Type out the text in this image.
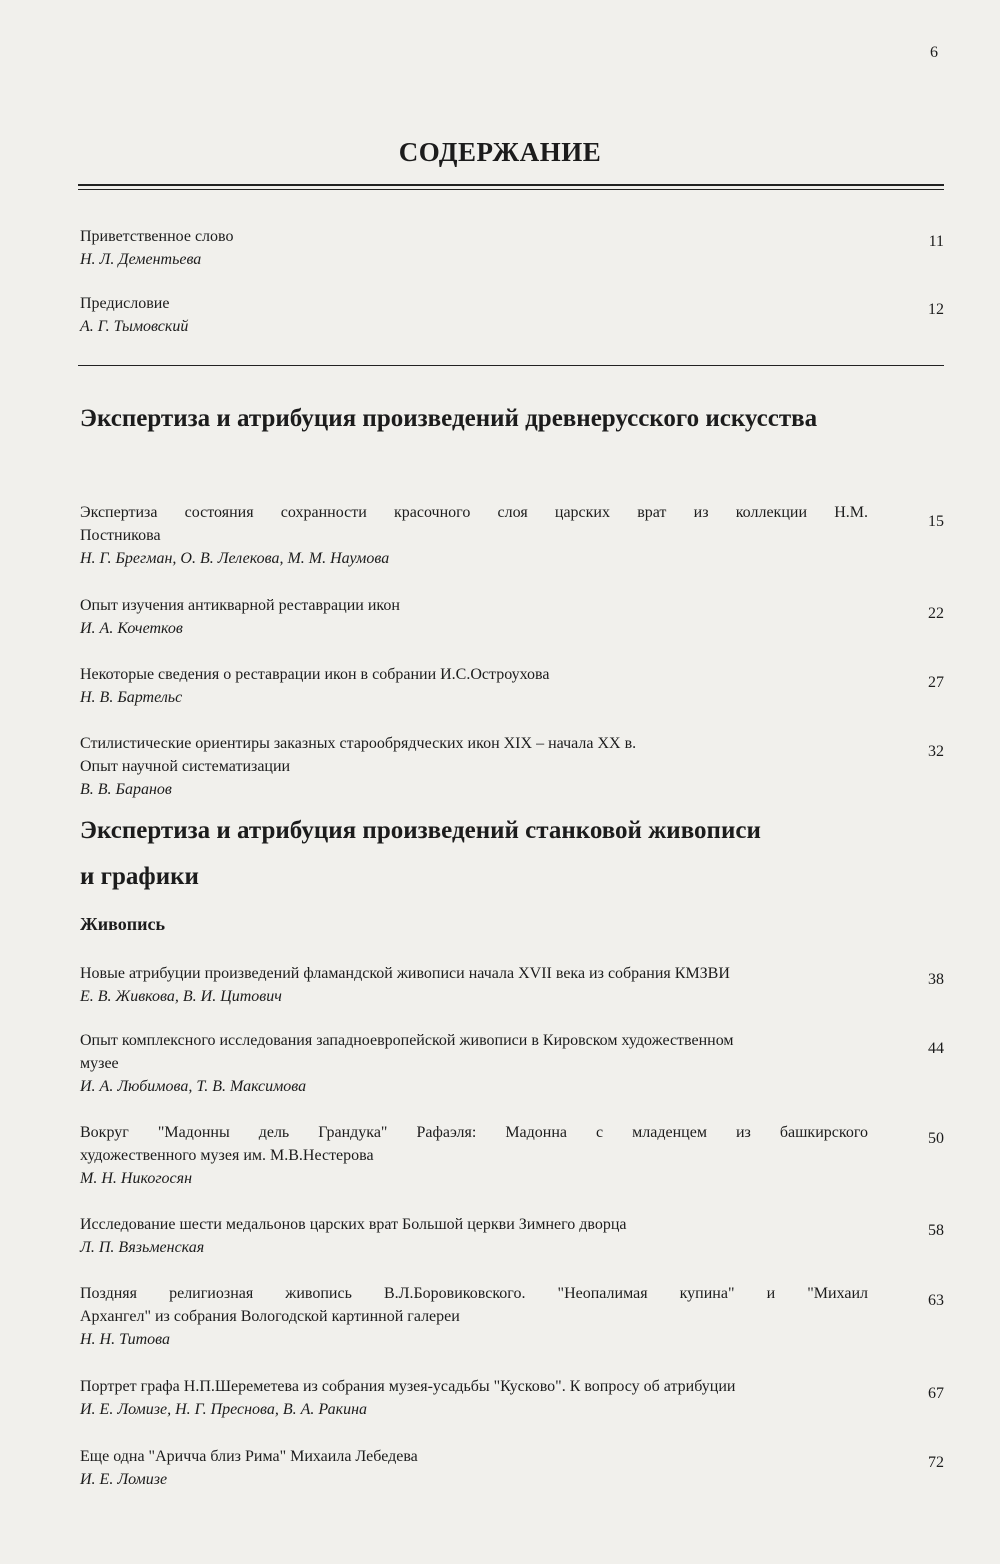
6
СОДЕРЖАНИЕ
Приветственное слово
Н. Л. Дементьева
11
Предисловие
А. Г. Тымовский
12
Экспертиза и атрибуция произведений древнерусского искусства
Экспертиза состояния сохранности красочного слоя царских врат из коллекции Н.М.
Постникова
Н. Г. Брегман, О. В. Лелекова, М. М. Наумова
15
Опыт изучения антикварной реставрации икон
И. А. Кочетков
22
Некоторые сведения о реставрации икон в собрании И.С.Остроухова
Н. В. Бартельс
27
Стилистические ориентиры заказных старообрядческих икон XIX – начала XX в.
Опыт научной систематизации
В. В. Баранов
32
Экспертиза и атрибуция произведений станковой живописи и графики
Живопись
Новые атрибуции произведений фламандской живописи начала XVII века из собрания КМЗВИ
Е. В. Живкова, В. И. Цитович
38
Опыт комплексного исследования западноевропейской живописи в Кировском художественном
музее
И. А. Любимова, Т. В. Максимова
44
Вокруг "Мадонны дель Грандука" Рафаэля: Мадонна с младенцем из башкирского
художественного музея им. М.В.Нестерова
М. Н. Никогосян
50
Исследование шести медальонов царских врат Большой церкви Зимнего дворца
Л. П. Вязьменская
58
Поздняя религиозная живопись В.Л.Боровиковского. "Неопалимая купина" и "Михаил
Архангел" из собрания Вологодской картинной галереи
Н. Н. Титова
63
Портрет графа Н.П.Шереметева из собрания музея-усадьбы "Кусково". К вопросу об атрибуции
И. Е. Ломизе, Н. Г. Преснова, В. А. Ракина
67
Еще одна "Ариччa близ Рима" Михаила Лебедева
И. Е. Ломизе
72
